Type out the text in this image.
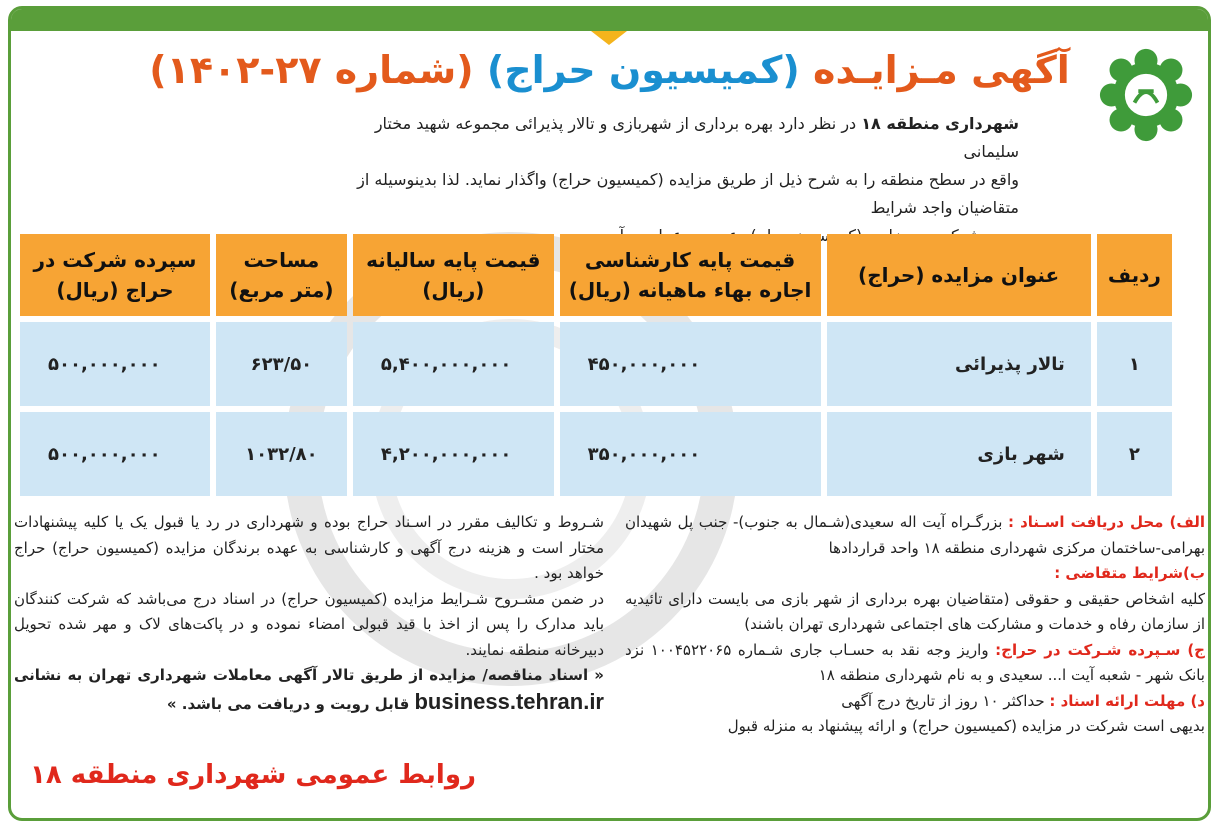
آگهی مـزایـده (کمیسیون حراج) (شماره ۲۷-۱۴۰۲)
شهرداری منطقه ۱۸ در نظر دارد بهره برداری از شهربازی و تالار پذیرائی مجموعه شهید مختار سلیمانی
واقع در سطح منطقه را به شرح ذیل از طریق مزایده (کمیسیون حراج) واگذار نماید. لذا بدینوسیله از متقاضیان واجد شرایط

ردیف	عنوان مزایده (حراج)	قیمت پایه کارشناسی اجاره بهاء ماهیانه (ریال)	قیمت پایه سالیانه (ریال)	مساحت (متر مربع)	سپرده شرکت در حراج (ریال)
۱	تالار پذیرائی	۴۵۰,۰۰۰,۰۰۰	۵,۴۰۰,۰۰۰,۰۰۰	۶۲۳/۵۰	۵۰۰,۰۰۰,۰۰۰
۲	شهر بازی	۳۵۰,۰۰۰,۰۰۰	۴,۲۰۰,۰۰۰,۰۰۰	۱۰۳۲/۸۰	۵۰۰,۰۰۰,۰۰۰
الف) محل دریافت اسـناد : بزرگـراه آیت اله سعیدی(شـمال به جنوب)- جنب پل شهیدان بهرامی-ساختمان مرکزی شهرداری منطقه ۱۸ واحد قراردادها
ب)شرایط متقاضی :
کلیه اشخاص حقیقی و حقوقی (متقاضیان بهره برداری از شهر بازی می بایست دارای تائیدیه از سازمان رفاه و خدمات و مشارکت های اجتماعی شهرداری تهران باشند)
ج) سـپرده شـرکت در حراج: واریز وجه نقد به حسـاب جاری شـماره ۱۰۰۴۵۲۲۰۶۵ نزد بانک شهر - شعبه آیت ا... سعیدی و به نام شهرداری منطقه ۱۸
د) مهلت ارائه اسناد : حداکثر ۱۰ روز از تاریخ درج آگهی
بدیهی است شرکت در مزایده (کمیسیون حراج) و ارائه پیشنهاد به منزله قبول
شـروط و تکالیف مقرر در اسـناد حراج بوده و شهرداری در رد یا قبول یک یا کلیه پیشنهادات مختار است و هزینه درج آگهی و کارشناسی به عهده برندگان مزایده (کمیسیون حراج) حراج خواهد بود .
در ضمن مشـروح شـرایط مزایده (کمیسیون حراج) در اسناد درج می‌باشد که شرکت کنندگان باید مدارک را پس از اخذ با قید قبولی امضاء نموده و در پاکت‌های لاک و مهر شده تحویل دبیرخانه منطقه نمایند.
« اسناد مناقصه/ مزایده از طریق تالار آگهی معاملات شهرداری تهران به نشانی business.tehran.ir قابل رویت و دریافت می باشد. »
روابط عمومی شهرداری منطقه ۱۸
